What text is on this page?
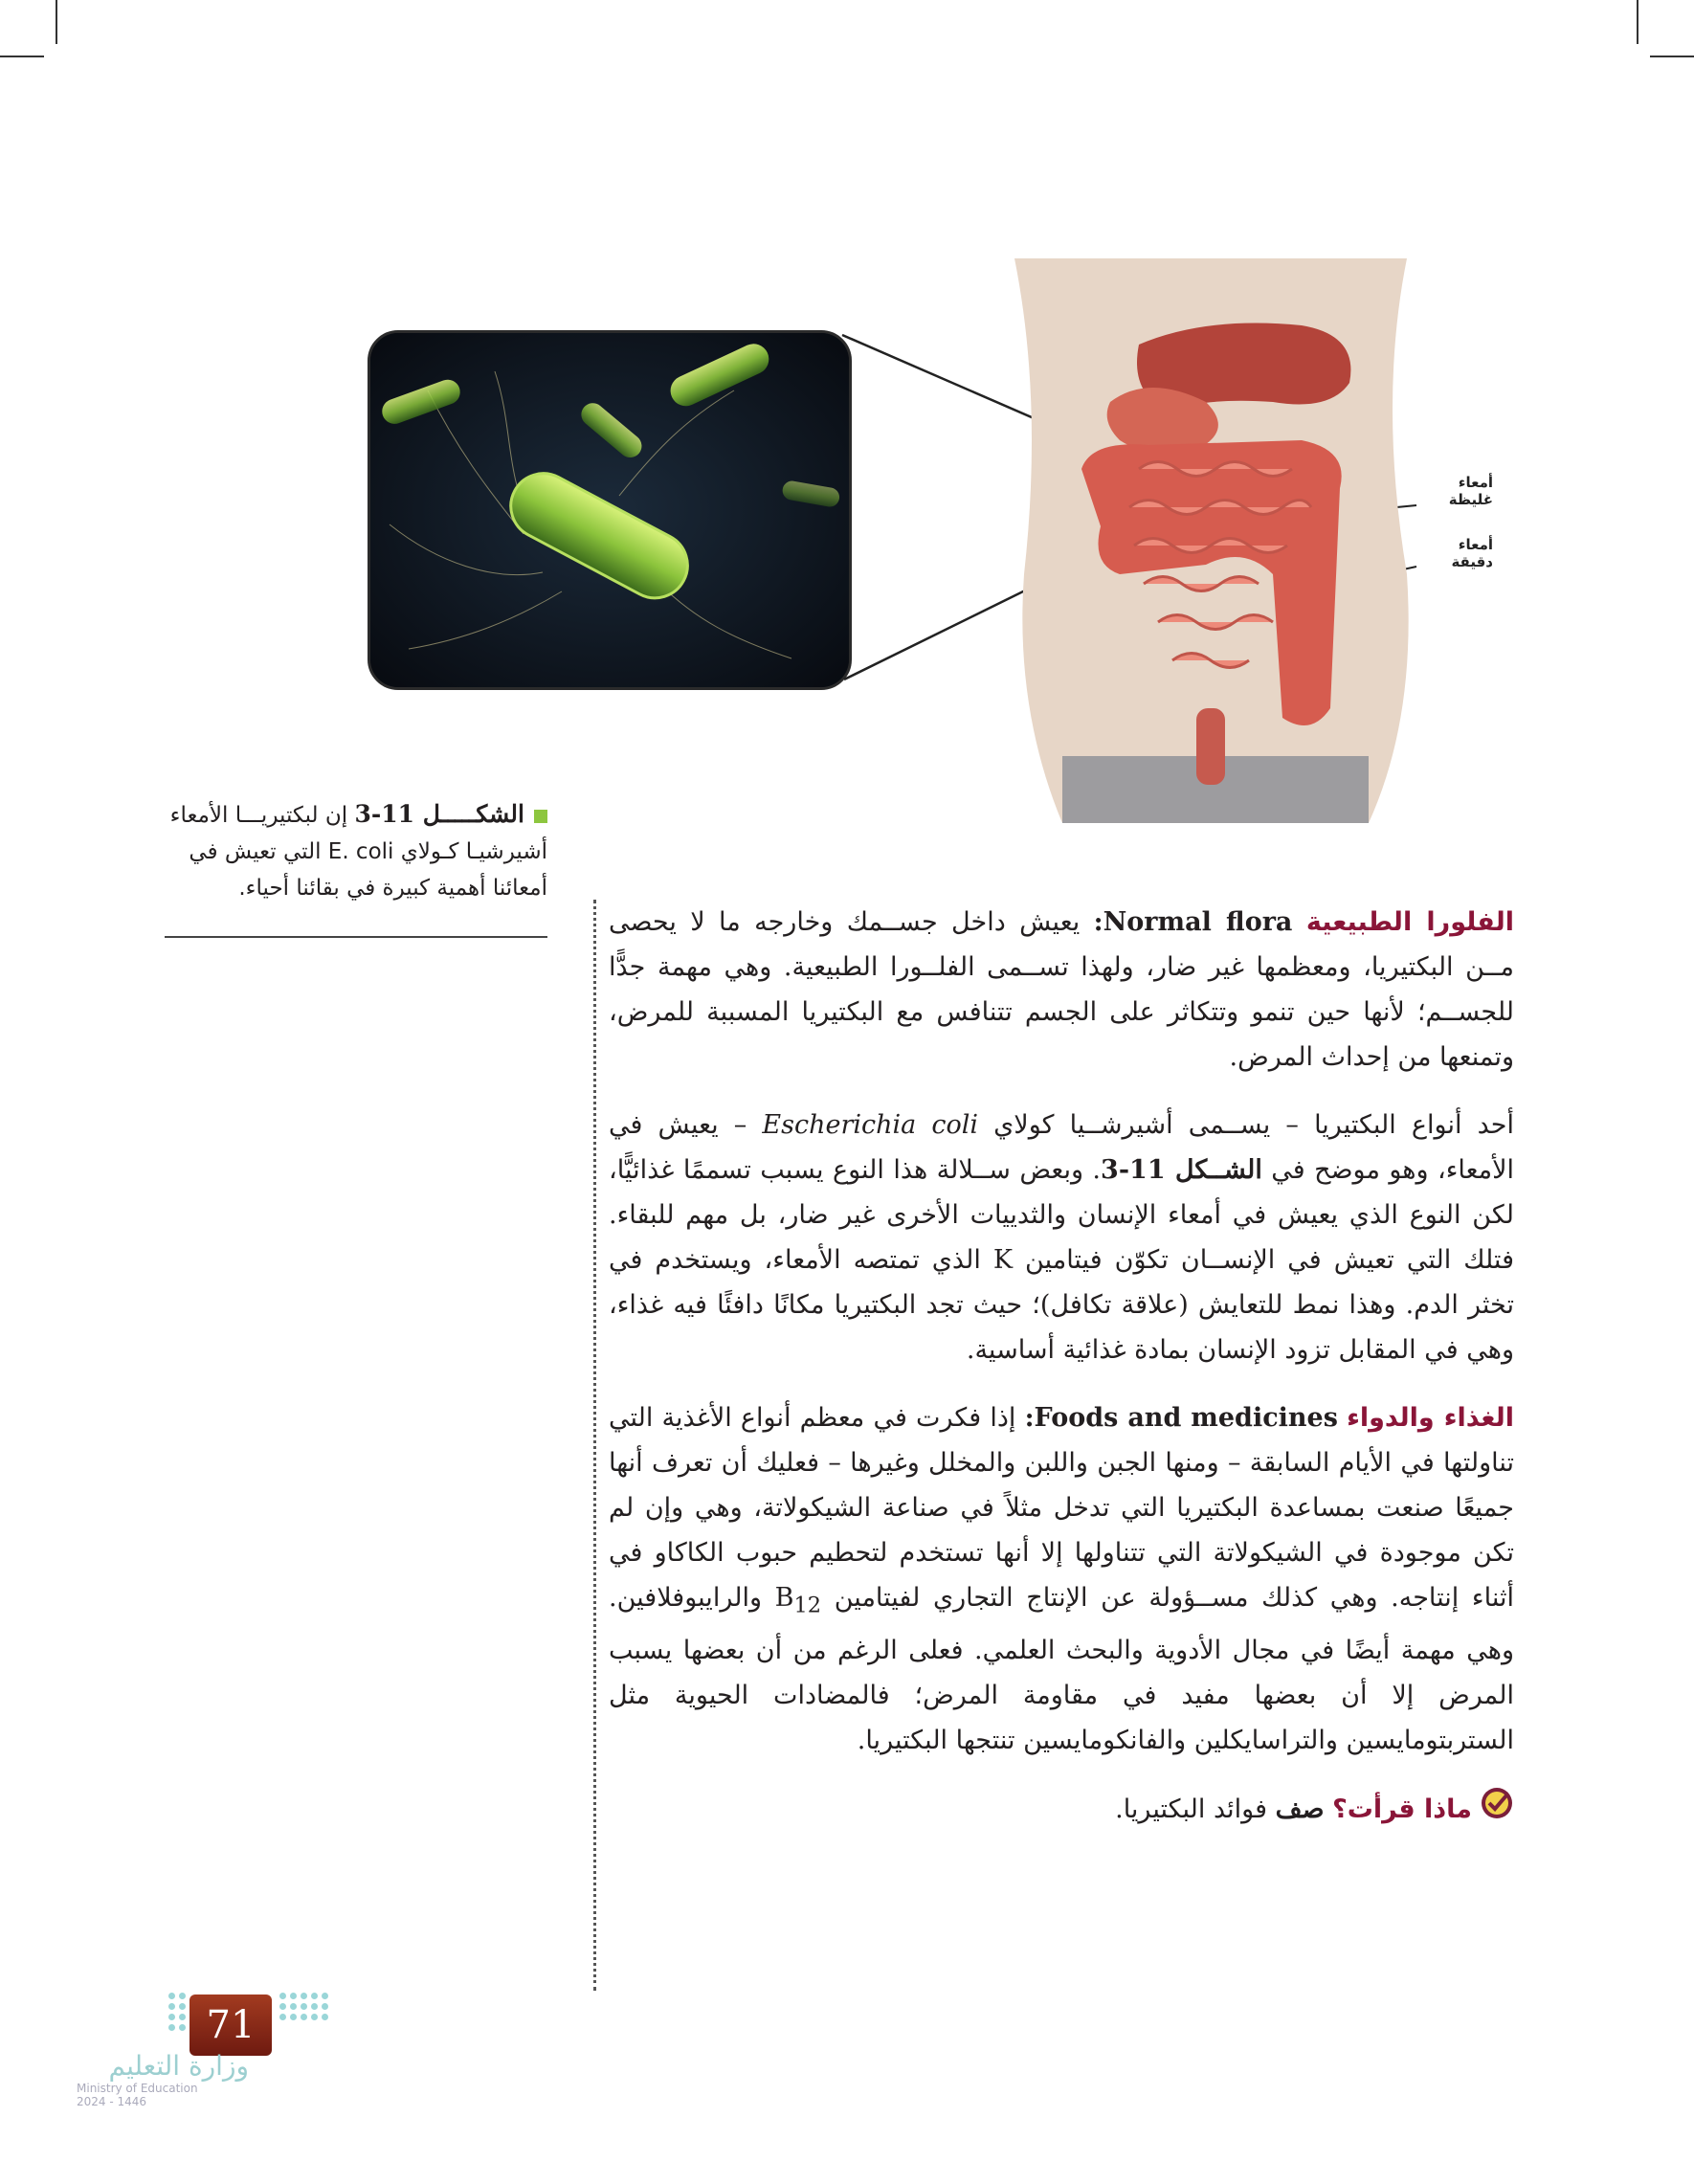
أمعاء غليظة
أمعاء دقيقة
الشكـــــل 11-3 إن لبكتيريـــا الأمعاء
أشيرشيـا كـولاي E. coli التي تعيش في
أمعائنا أهمية كبيرة في بقائنا أحياء.

الفلورا الطبيعية Normal flora: يعيش داخل جســمك وخارجه ما لا يحصى مــن البكتيريا، ومعظمها غير ضار، ولهذا تســمى الفلــورا الطبيعية. وهي مهمة جدًّا للجســم؛ لأنها حين تنمو وتتكاثر على الجسم تتنافس مع البكتيريا المسببة للمرض، وتمنعها من إحداث المرض.

أحد أنواع البكتيريا – يســمى أشيرشــيا كولاي Escherichia coli – يعيش في الأمعاء، وهو موضح في الشــكل 11-3. وبعض ســلالة هذا النوع يسبب تسممًا غذائيًّا، لكن النوع الذي يعيش في أمعاء الإنسان والثدييات الأخرى غير ضار، بل مهم للبقاء. فتلك التي تعيش في الإنســان تكوّن فيتامين K الذي تمتصه الأمعاء، ويستخدم في تخثر الدم. وهذا نمط للتعايش (علاقة تكافل)؛ حيث تجد البكتيريا مكانًا دافئًا فيه غذاء، وهي في المقابل تزود الإنسان بمادة غذائية أساسية.

الغذاء والدواء Foods and medicines: إذا فكرت في معظم أنواع الأغذية التي تناولتها في الأيام السابقة – ومنها الجبن واللبن والمخلل وغيرها – فعليك أن تعرف أنها جميعًا صنعت بمساعدة البكتيريا التي تدخل مثلاً في صناعة الشيكولاتة، وهي وإن لم تكن موجودة في الشيكولاتة التي تتناولها إلا أنها تستخدم لتحطيم حبوب الكاكاو في أثناء إنتاجه. وهي كذلك مســؤولة عن الإنتاج التجاري لفيتامين $B_{12}$ والرايبوفلافين. وهي مهمة أيضًا في مجال الأدوية والبحث العلمي. فعلى الرغم من أن بعضها يسبب المرض إلا أن بعضها مفيد في مقاومة المرض؛ فالمضادات الحيوية مثل الستربتومايسين والتراسايكلين والفانكومايسين تنتجها البكتيريا.

ماذا قرأت؟ صف فوائد البكتيريا.

71
وزارة التعليم
Ministry of Education
2024 - 1446
